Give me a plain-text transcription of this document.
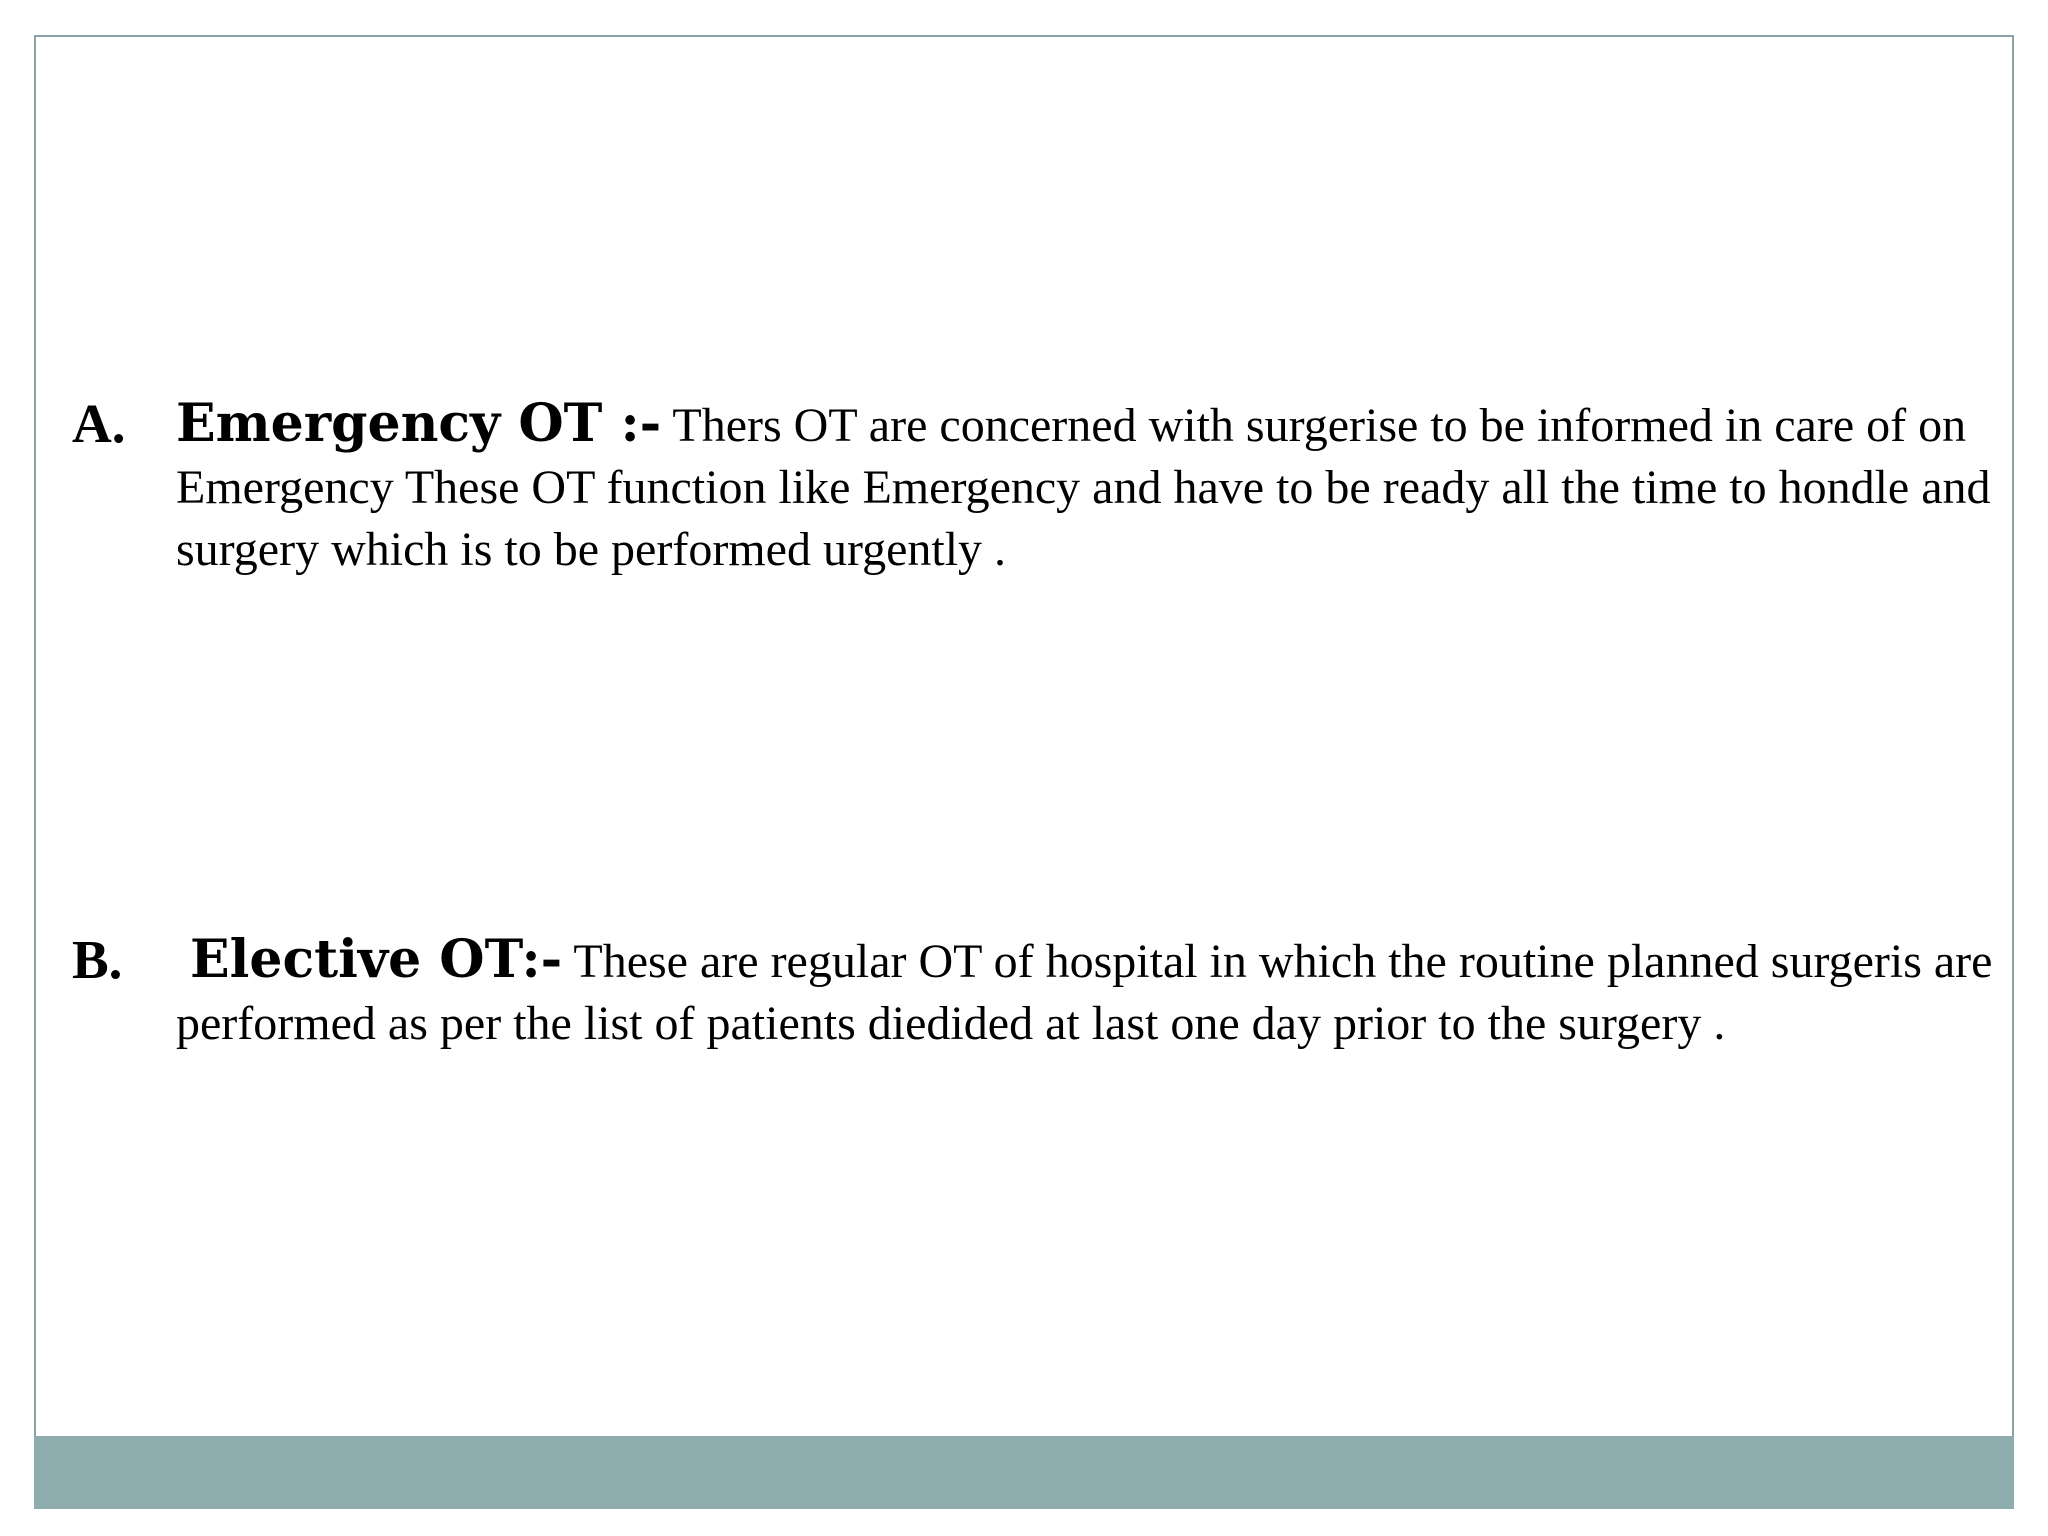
A. Emergency OT :- Thers OT are concerned with surgerise to be informed in care of on Emergency These OT function like Emergency and have to be ready all the time to hondle and surgery which is to be performed urgently .
B. Elective OT:- These are regular OT of hospital in which the routine planned surgeris are performed as per the list of patients diedided at last one day prior to the surgery .
